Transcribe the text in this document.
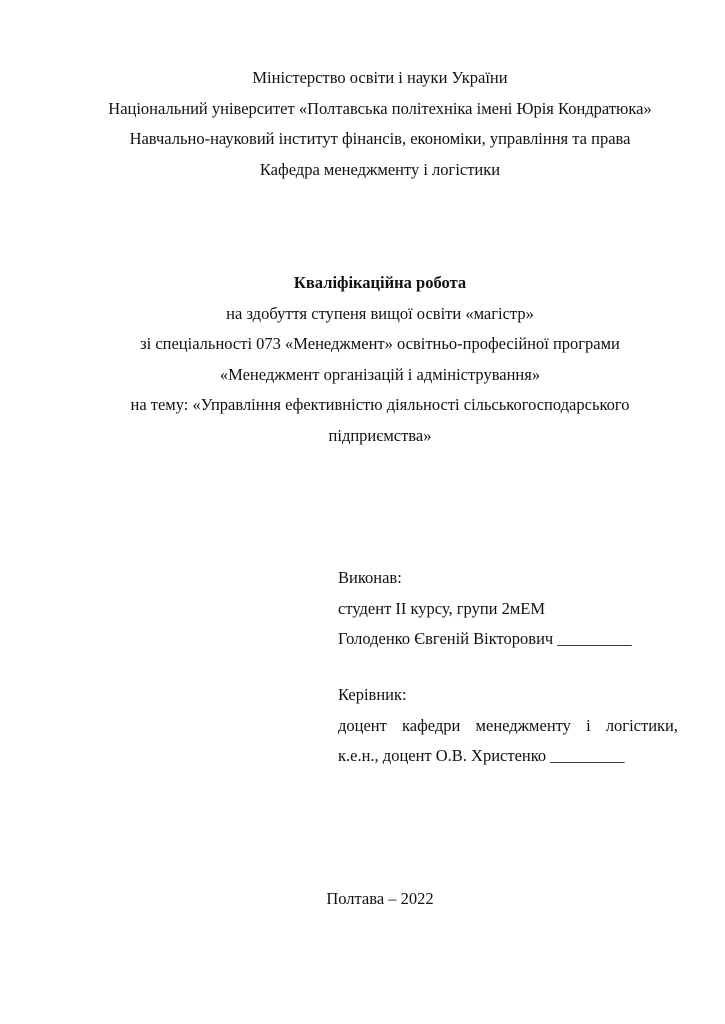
Міністерство освіти і науки України
Національний університет «Полтавська політехніка імені Юрія Кондратюка»
Навчально-науковий інститут фінансів, економіки, управління та права
Кафедра менеджменту і логістики
Кваліфікаційна робота
на здобуття ступеня вищої освіти «магістр»
зі спеціальності 073 «Менеджмент» освітньо-професійної програми
«Менеджмент організацій і адміністрування»
на тему: «Управління ефективністю діяльності сільськогосподарського
підприємства»
Виконав:
студент ІІ курсу, групи 2мЕМ
Голоденко Євгеній Вікторович _________
Керівник:
доцент кафедри менеджменту і логістики,
к.е.н., доцент О.В. Христенко _________
Полтава – 2022
